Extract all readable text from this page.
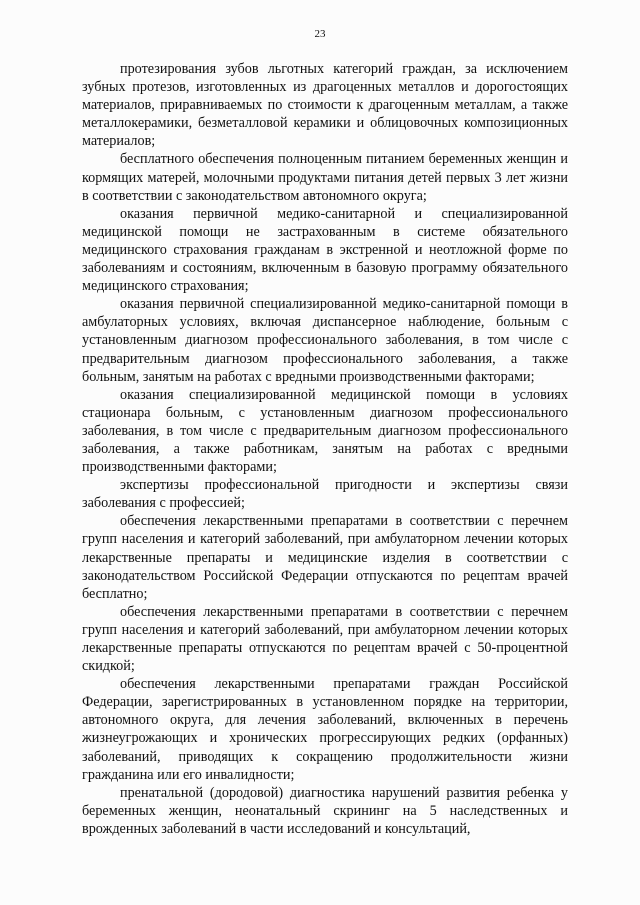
23

протезирования зубов льготных категорий граждан, за исключением зубных протезов, изготовленных из драгоценных металлов и дорогостоящих материалов, приравниваемых по стоимости к драгоценным металлам, а также металлокерамики, безметалловой керамики и облицовочных композиционных материалов;

бесплатного обеспечения полноценным питанием беременных женщин и кормящих матерей, молочными продуктами питания детей первых 3 лет жизни в соответствии с законодательством автономного округа;

оказания первичной медико-санитарной и специализированной медицинской помощи не застрахованным в системе обязательного медицинского страхования гражданам в экстренной и неотложной форме по заболеваниям и состояниям, включенным в базовую программу обязательного медицинского страхования;

оказания первичной специализированной медико-санитарной помощи в амбулаторных условиях, включая диспансерное наблюдение, больным с установленным диагнозом профессионального заболевания, в том числе с предварительным диагнозом профессионального заболевания, а также больным, занятым на работах с вредными производственными факторами;

оказания специализированной медицинской помощи в условиях стационара больным, с установленным диагнозом профессионального заболевания, в том числе с предварительным диагнозом профессионального заболевания, а также работникам, занятым на работах с вредными производственными факторами;

экспертизы профессиональной пригодности и экспертизы связи заболевания с профессией;

обеспечения лекарственными препаратами в соответствии с перечнем групп населения и категорий заболеваний, при амбулаторном лечении которых лекарственные препараты и медицинские изделия в соответствии с законодательством Российской Федерации отпускаются по рецептам врачей бесплатно;

обеспечения лекарственными препаратами в соответствии с перечнем групп населения и категорий заболеваний, при амбулаторном лечении которых лекарственные препараты отпускаются по рецептам врачей с 50-процентной скидкой;

обеспечения лекарственными препаратами граждан Российской Федерации, зарегистрированных в установленном порядке на территории, автономного округа, для лечения заболеваний, включенных в перечень жизнеугрожающих и хронических прогрессирующих редких (орфанных) заболеваний, приводящих к сокращению продолжительности жизни гражданина или его инвалидности;

пренатальной (дородовой) диагностика нарушений развития ребенка у беременных женщин, неонатальный скрининг на 5 наследственных и врожденных заболеваний в части исследований и консультаций,
